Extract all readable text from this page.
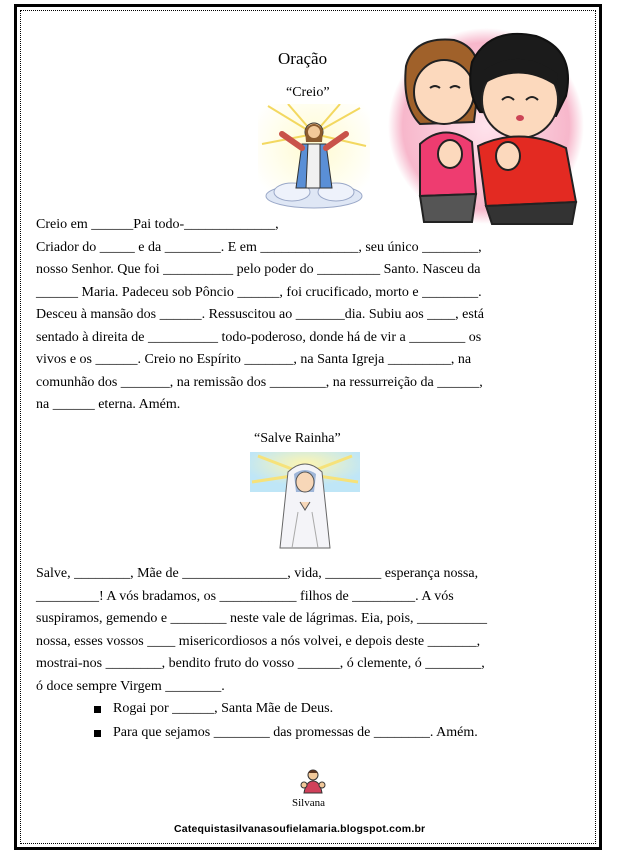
Oração
“Creio”
Creio em ______Pai todo-_____________,
Criador do _____ e da ________. E em ______________, seu único ________,
nosso Senhor. Que foi __________ pelo poder do _________ Santo. Nasceu da
______ Maria. Padeceu sob Pôncio ______, foi crucificado, morto e ________.
Desceu à mansão dos ______. Ressuscitou ao _______dia. Subiu aos ____, está
sentado à direita de __________ todo-poderoso, donde há de vir a ________ os
vivos e os ______. Creio no Espírito _______, na Santa Igreja _________, na
comunhão dos _______, na remissão dos ________, na ressurreição da ______,
na ______ eterna. Amém.
“Salve Rainha”
Salve, ________, Mãe de _______________, vida, ________ esperança nossa,
_________! A vós bradamos, os ___________ filhos de _________. A vós
suspiramos, gemendo e ________ neste vale de lágrimas. Eia, pois, __________
nossa, esses vossos ____ misericordiosos a nós volvei, e depois deste _______,
mostrai-nos ________, bendito fruto do vosso ______, ó clemente, ó ________,
ó doce sempre Virgem ________.
Rogai por ______, Santa Mãe de Deus.
Para que sejamos ________ das promessas de ________. Amém.
Silvana
Catequistasilvanasoufielamaria.blogspot.com.br
